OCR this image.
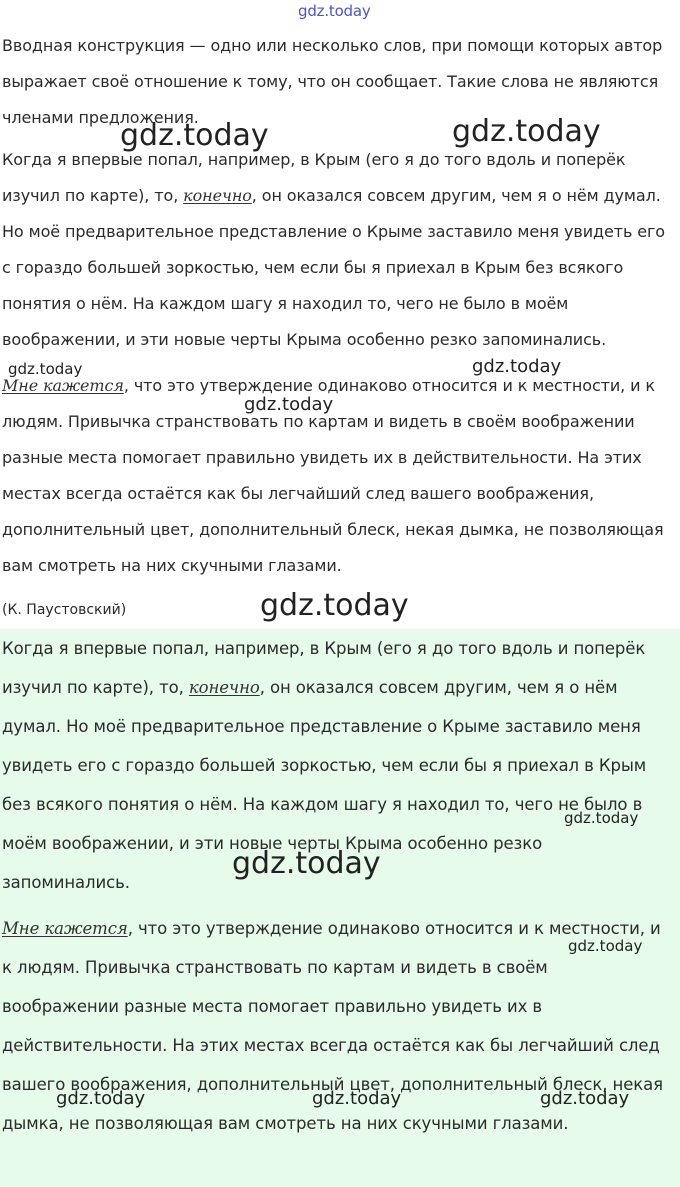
gdz.today

Вводная конструкция — одно или несколько слов, при помощи которых автор выражает своё отношение к тому, что он сообщает. Такие слова не являются членами предложения.

Когда я впервые попал, например, в Крым (его я до того вдоль и поперёк изучил по карте), то, конечно, он оказался совсем другим, чем я о нём думал. Но моё предварительное представление о Крыме заставило меня увидеть его с гораздо большей зоркостью, чем если бы я приехал в Крым без всякого понятия о нём. На каждом шагу я находил то, чего не было в моём воображении, и эти новые черты Крыма особенно резко запоминались.

Мне кажется, что это утверждение одинаково относится и к местности, и к людям. Привычка странствовать по картам и видеть в своём воображении разные места помогает правильно увидеть их в действительности. На этих местах всегда остаётся как бы легчайший след вашего воображения, дополнительный цвет, дополнительный блеск, некая дымка, не позволяющая вам смотреть на них скучными глазами.

(К. Паустовский)

Когда я впервые попал, например, в Крым (его я до того вдоль и поперёк изучил по карте), то, конечно, он оказался совсем другим, чем я о нём думал. Но моё предварительное представление о Крыме заставило меня увидеть его с гораздо большей зоркостью, чем если бы я приехал в Крым без всякого понятия о нём. На каждом шагу я находил то, чего не было в моём воображении, и эти новые черты Крыма особенно резко запоминались.

Мне кажется, что это утверждение одинаково относится и к местности, и к людям. Привычка странствовать по картам и видеть в своём воображении разные места помогает правильно увидеть их в действительности. На этих местах всегда остаётся как бы легчайший след вашего воображения, дополнительный цвет, дополнительный блеск, некая дымка, не позволяющая вам смотреть на них скучными глазами.

gdz.today	gdz.today
gdz.today	gdz.today
gdz.today
gdz.today
gdz.today
gdz.today
gdz.today
gdz.today	gdz.today	gdz.today
